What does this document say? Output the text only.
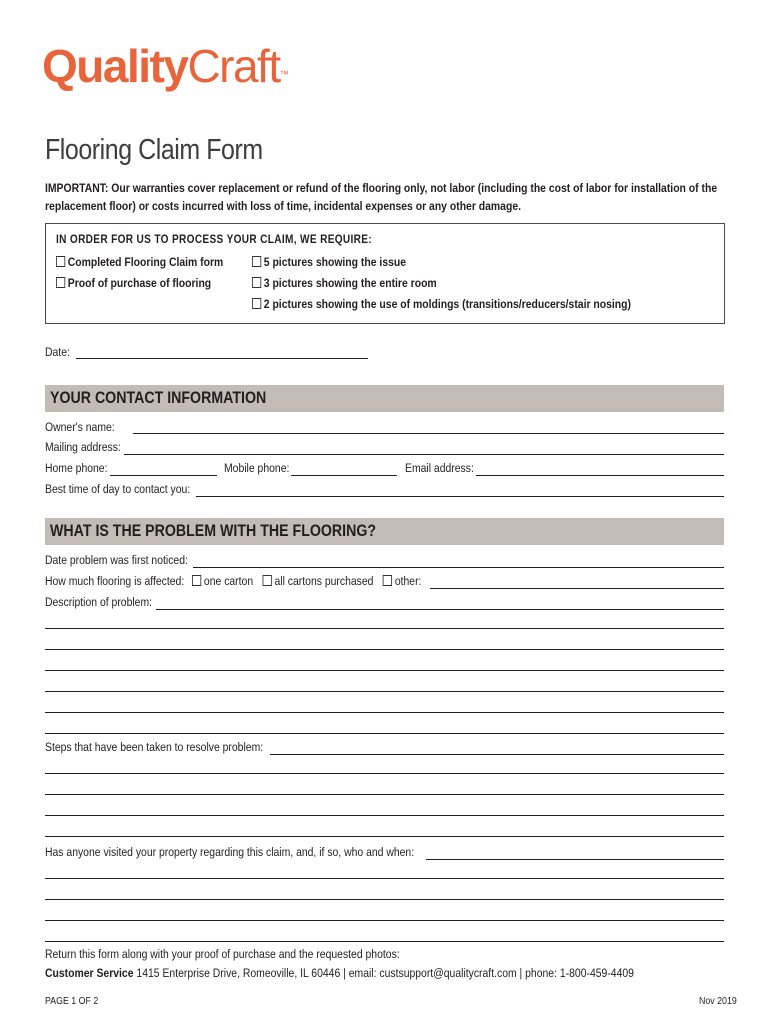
QualityCraft™
Flooring Claim Form
IMPORTANT: Our warranties cover replacement or refund of the flooring only, not labor (including the cost of labor for installation of the replacement floor) or costs incurred with loss of time, incidental expenses or any other damage.
IN ORDER FOR US TO PROCESS YOUR CLAIM, WE REQUIRE:
Completed Flooring Claim form	5 pictures showing the issue
Proof of purchase of flooring	3 pictures showing the entire room
2 pictures showing the use of moldings (transitions/reducers/stair nosing)
Date:
YOUR CONTACT INFORMATION
Owner's name:
Mailing address:
Home phone:	Mobile phone:	Email address:
Best time of day to contact you:
WHAT IS THE PROBLEM WITH THE FLOORING?
Date problem was first noticed:
How much flooring is affected: one carton all cartons purchased other:
Description of problem:
Steps that have been taken to resolve problem:
Has anyone visited your property regarding this claim, and, if so, who and when:
Return this form along with your proof of purchase and the requested photos:
Customer Service 1415 Enterprise Drive, Romeoville, IL 60446 | email: custsupport@qualitycraft.com | phone: 1-800-459-4409
PAGE 1 OF 2	Nov 2019
